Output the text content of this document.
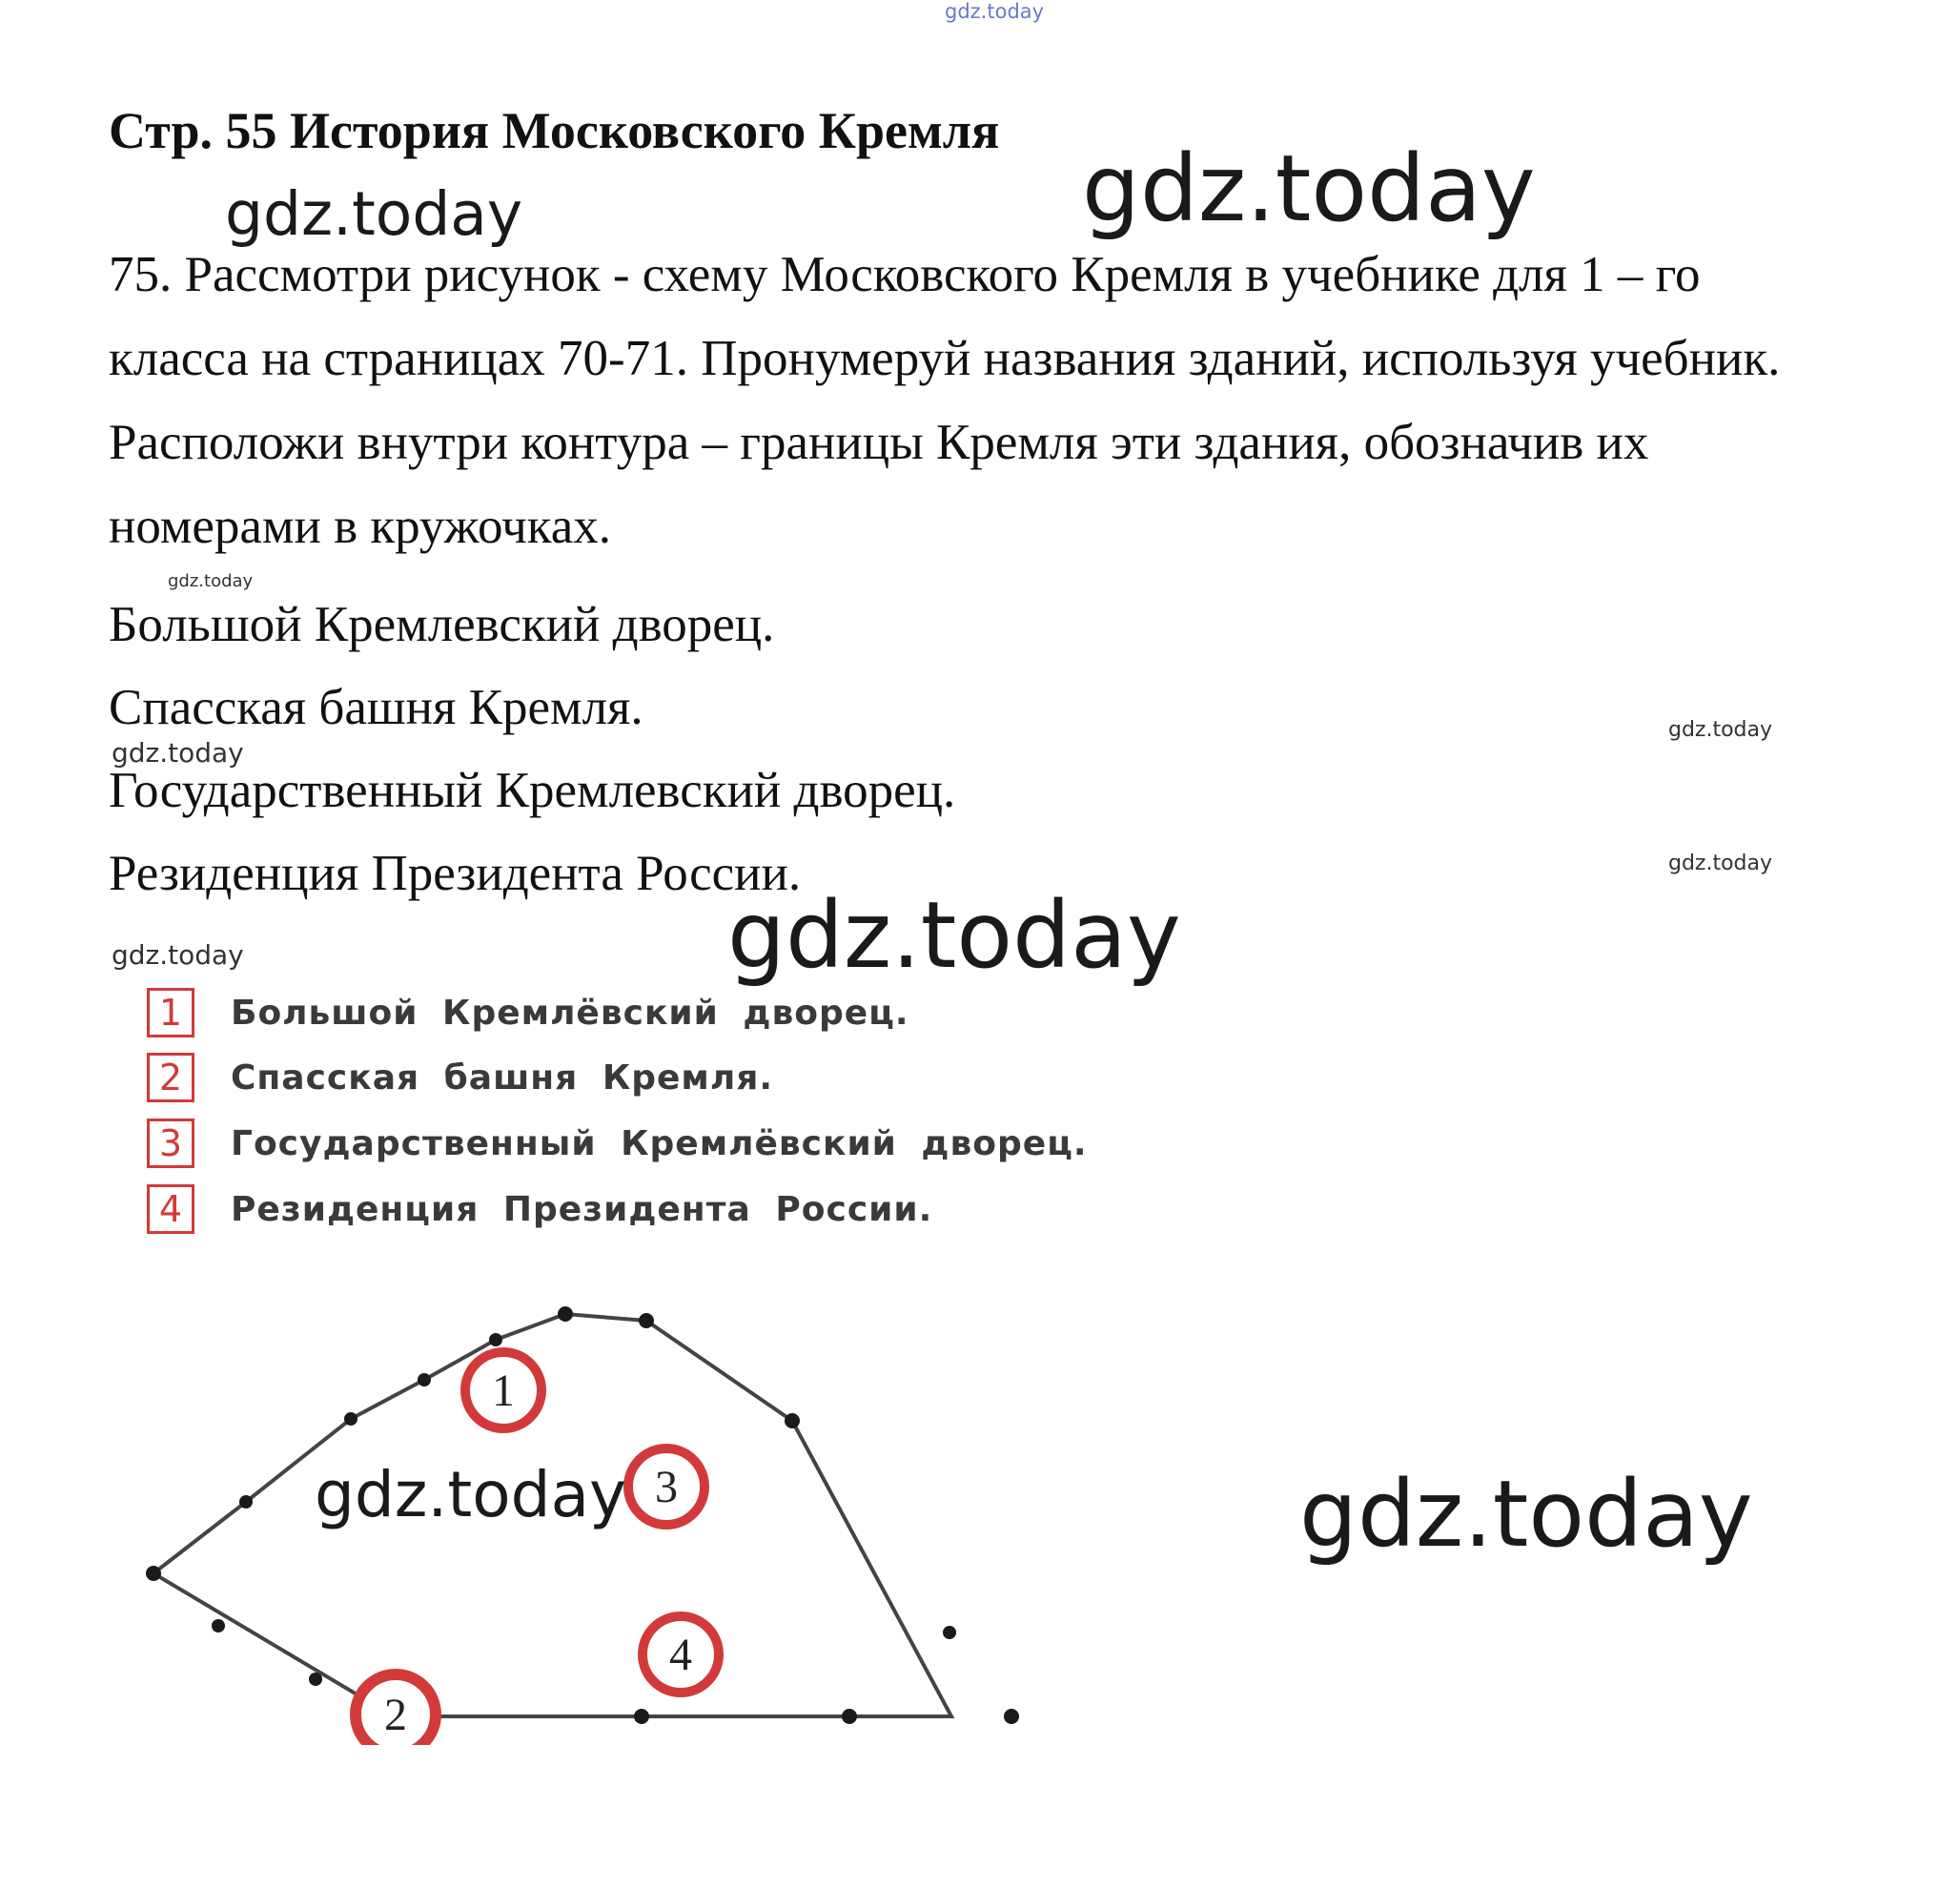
gdz.today
gdz.today
gdz.today
gdz.today
gdz.today
gdz.today
gdz.today
Стр. 55 История Московского Кремля

75. Рассмотри рисунок - схему Московского Кремля в учебнике для 1 – го класса на страницах 70-71. Пронумеруй названия зданий, используя учебник. Расположи внутри контура – границы Кремля эти здания, обозначив их номерами в кружочках.

Большой Кремлевский дворец.
Спасская башня Кремля.
Государственный Кремлевский дворец.
Резиденция Президента России.
1
3
4
2
1	Большой Кремлёвский дворец.
2	Спасская башня Кремля.
3	Государственный Кремлёвский дворец.
4	Резиденция Президента России.
gdz.today
gdz.today
gdz.today	gdz.today
